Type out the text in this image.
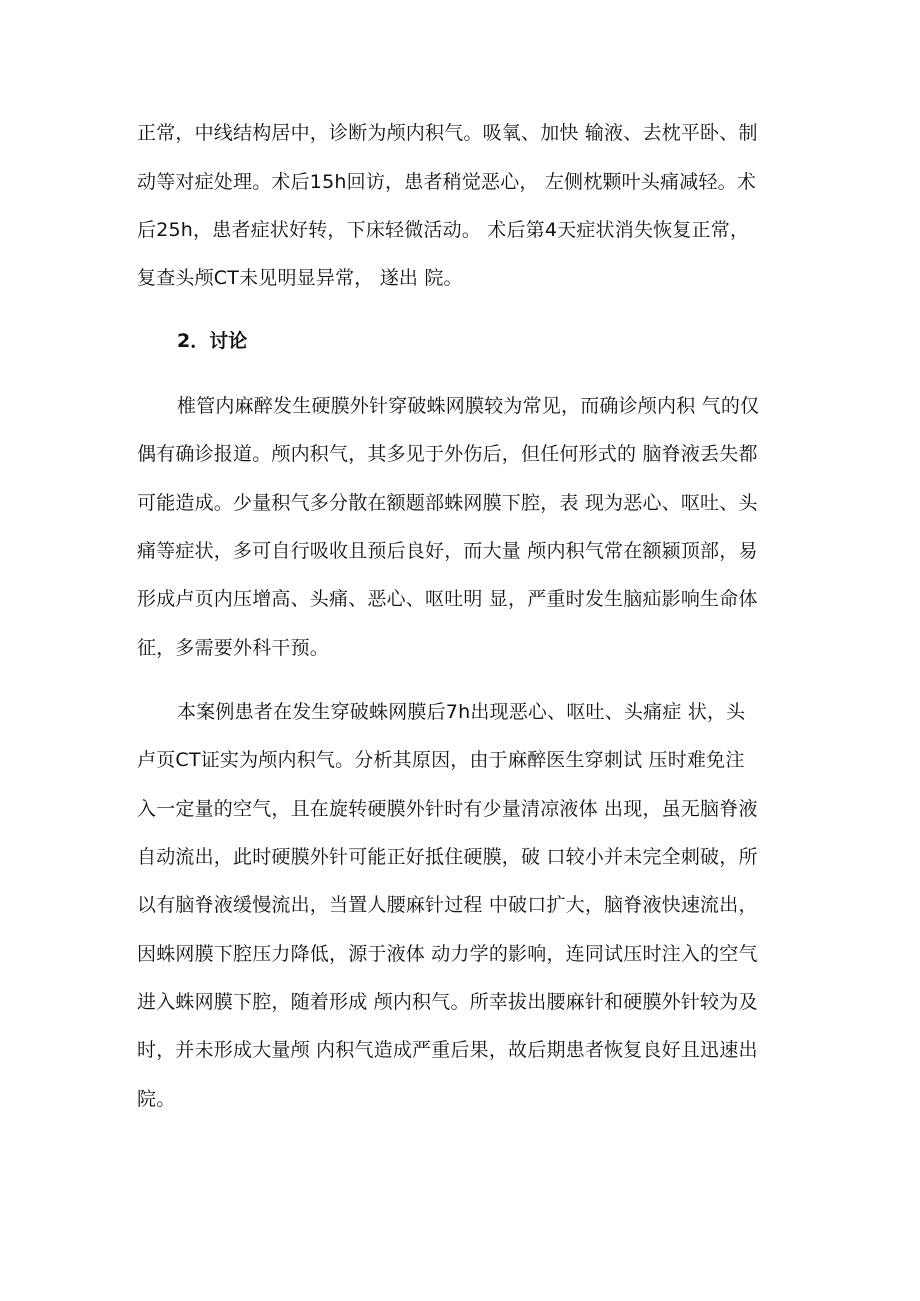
正常，中线结构居中，诊断为颅内积气。吸氧、加快 输液、去枕平卧、制
动等对症处理。术后15h回访，患者稍觉恶心， 左侧枕颗叶头痛减轻。术
后25h，患者症状好转，下床轻微活动。 术后第4天症状消失恢复正常，
复查头颅CT未见明显异常， 遂出 院。
2．讨论
椎管内麻醉发生硬膜外针穿破蛛网膜较为常见，而确诊颅内积 气的仅
偶有确诊报道。颅内积气，其多见于外伤后，但任何形式的 脑脊液丢失都
可能造成。少量积气多分散在额题部蛛网膜下腔，表 现为恶心、呕吐、头
痛等症状，多可自行吸收且预后良好，而大量 颅内积气常在额颍顶部，易
形成卢页内压增高、头痛、恶心、呕吐明 显，严重时发生脑疝影响生命体
征，多需要外科干预。
本案例患者在发生穿破蛛网膜后7h出现恶心、呕吐、头痛症 状，头
卢页CT证实为颅内积气。分析其原因，由于麻醉医生穿刺试 压时难免注
入一定量的空气，且在旋转硬膜外针时有少量清凉液体 出现，虽无脑脊液
自动流出，此时硬膜外针可能正好抵住硬膜，破 口较小并未完全刺破，所
以有脑脊液缓慢流出，当置人腰麻针过程 中破口扩大，脑脊液快速流出，
因蛛网膜下腔压力降低，源于液体 动力学的影响，连同试压时注入的空气
进入蛛网膜下腔，随着形成 颅内积气。所幸拔出腰麻针和硬膜外针较为及
时，并未形成大量颅 内积气造成严重后果，故后期患者恢复良好且迅速出
院。
